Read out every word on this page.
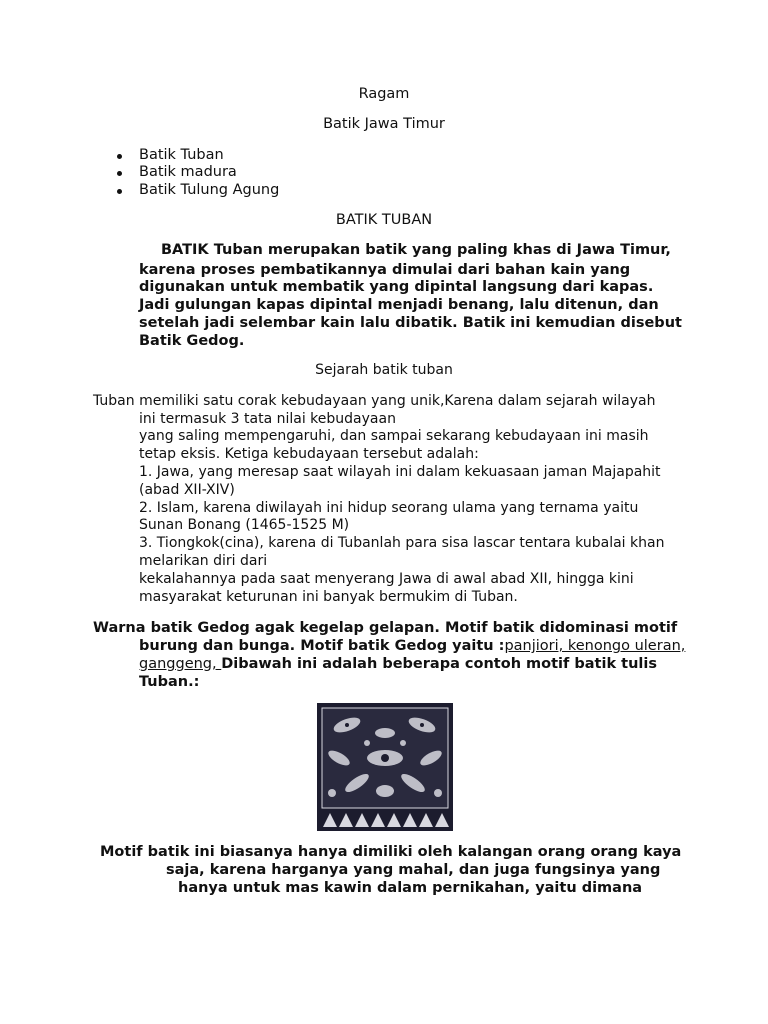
Ragam
Batik Jawa Timur
Batik Tuban
Batik madura
Batik Tulung Agung
BATIK TUBAN
BATIK Tuban merupakan batik yang paling khas di Jawa Timur,
karena proses pembatikannya dimulai dari bahan kain yang
digunakan untuk membatik yang dipintal langsung dari kapas.
Jadi gulungan kapas dipintal menjadi benang, lalu ditenun, dan
setelah jadi selembar kain lalu dibatik. Batik ini kemudian disebut
Batik Gedog.
Sejarah batik tuban
Tuban memiliki satu corak kebudayaan yang unik,Karena dalam sejarah wilayah
ini termasuk 3 tata nilai kebudayaan
yang saling mempengaruhi, dan sampai sekarang kebudayaan ini masih
tetap eksis. Ketiga kebudayaan tersebut adalah:
1. Jawa, yang meresap saat wilayah ini dalam kekuasaan jaman Majapahit
(abad XII-XIV)
2. Islam, karena diwilayah ini hidup seorang ulama yang ternama yaitu
Sunan Bonang (1465-1525 M)
3. Tiongkok(cina), karena di Tubanlah para sisa lascar tentara kubalai khan
melarikan diri dari
kekalahannya pada saat menyerang Jawa di awal abad XII, hingga kini
masyarakat keturunan ini banyak bermukim di Tuban.
Warna batik Gedog agak kegelap gelapan. Motif batik didominasi motif
burung dan bunga. Motif batik Gedog yaitu :panjiori, kenongo uleran,
ganggeng, Dibawah ini adalah beberapa contoh motif batik tulis
Tuban.:
Motif batik ini biasanya hanya dimiliki oleh kalangan orang orang kaya
saja, karena harganya yang mahal, dan juga fungsinya yang
hanya untuk mas kawin dalam pernikahan, yaitu dimana
